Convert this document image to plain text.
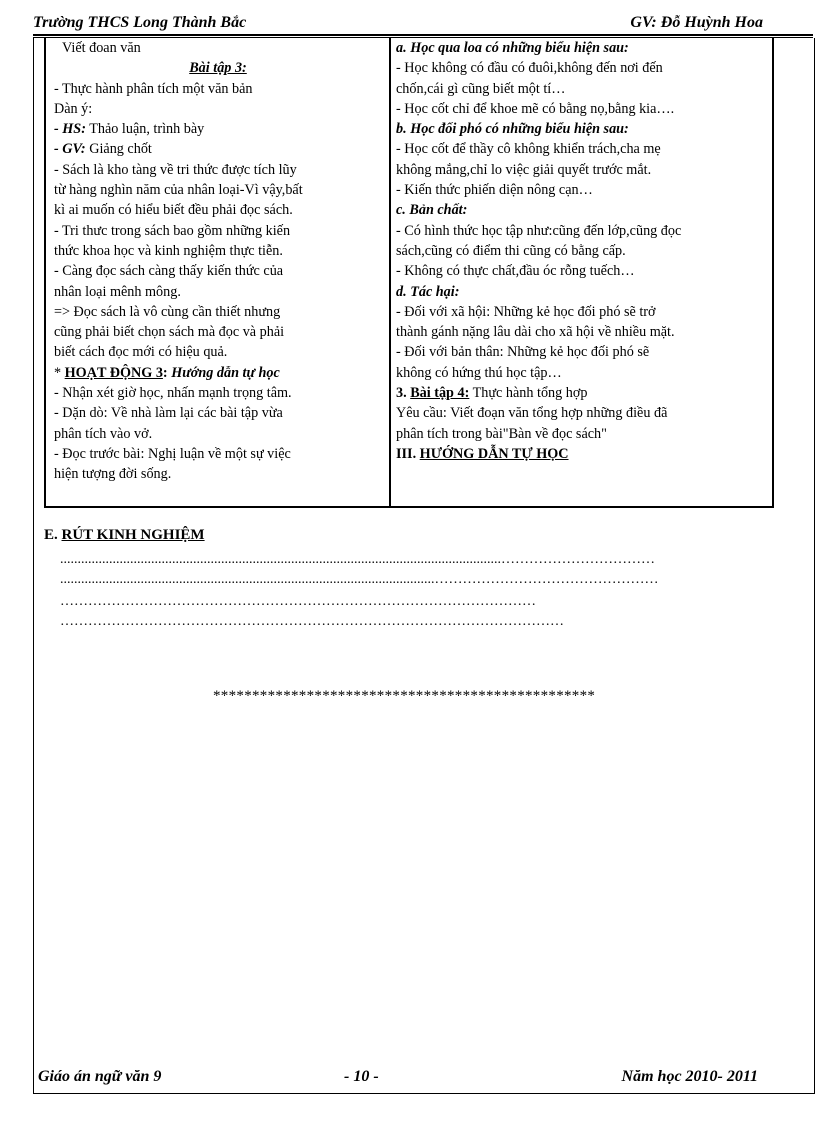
Trường THCS Long Thành Bắc	GV: Đỗ Huỳnh Hoa
Viết đoan văn
Bài tập 3:
- Thực hành phân tích một văn bản
Dàn ý:
- HS: Thảo luận, trình bày
- GV: Giảng chốt
- Sách là kho tàng về tri thức được tích lũy
từ hàng nghìn năm của nhân loại-Vì vậy,bất
kì ai muốn có hiểu biết đều phải đọc sách.
- Tri thưc trong sách bao gồm những kiến
thức khoa học và kinh nghiệm thực tiễn.
- Càng đọc sách càng thấy kiến thức của
nhân loại mênh mông.
=> Đọc sách là vô cùng cần thiết nhưng
cũng phải biết chọn sách mà đọc và phải
biết cách đọc mới có hiệu quả.
* HOẠT ĐỘNG 3: Hướng dẫn tự học
- Nhận xét giờ học, nhấn mạnh trọng tâm.
- Dặn dò: Về nhà làm lại các bài tập vừa
phân tích vào vở.
- Đọc trước bài: Nghị luận về một sự việc
hiện tượng đời sống.
a. Học qua loa có những biểu hiện sau:
- Học không có đầu có đuôi,không đến nơi đến
chốn,cái gì cũng biết một tí…
- Học cốt chỉ để khoe mẽ có bằng nọ,bằng kia….
b. Học đối phó có những biểu hiện sau:
- Học cốt để thầy cô không khiển trách,cha mẹ
không mắng,chỉ lo việc giải quyết trước mắt.
- Kiến thức phiến diện nông cạn…
c. Bản chất:
- Có hình thức học tập như:cũng đến lớp,cũng đọc
sách,cũng có điểm thi cũng có bằng cấp.
- Không có thực chất,đầu óc rỗng tuếch…
d. Tác hại:
- Đối với xã hội: Những kẻ học đối phó sẽ trở
thành gánh nặng lâu dài cho xã hội về nhiều mặt.
- Đối với bản thân: Những kẻ học đối phó sẽ
không có hứng thú học tập…
3. Bài tập 4: Thực hành tổng hợp
Yêu cầu: Viết đoạn văn tổng hợp những điều đã
phân tích trong bài"Bàn về đọc sách"
III. HƯỚNG DẪN TỰ HỌC
E. RÚT KINH NGHIỆM
..............................................................................................................................……………………………
...........................................................................................................…………………………………………
…………………………………………………………………………………………
………………………………………………………………………………………………
*************************************************
Giáo án ngữ văn 9	- 10 -	Năm học 2010- 2011
